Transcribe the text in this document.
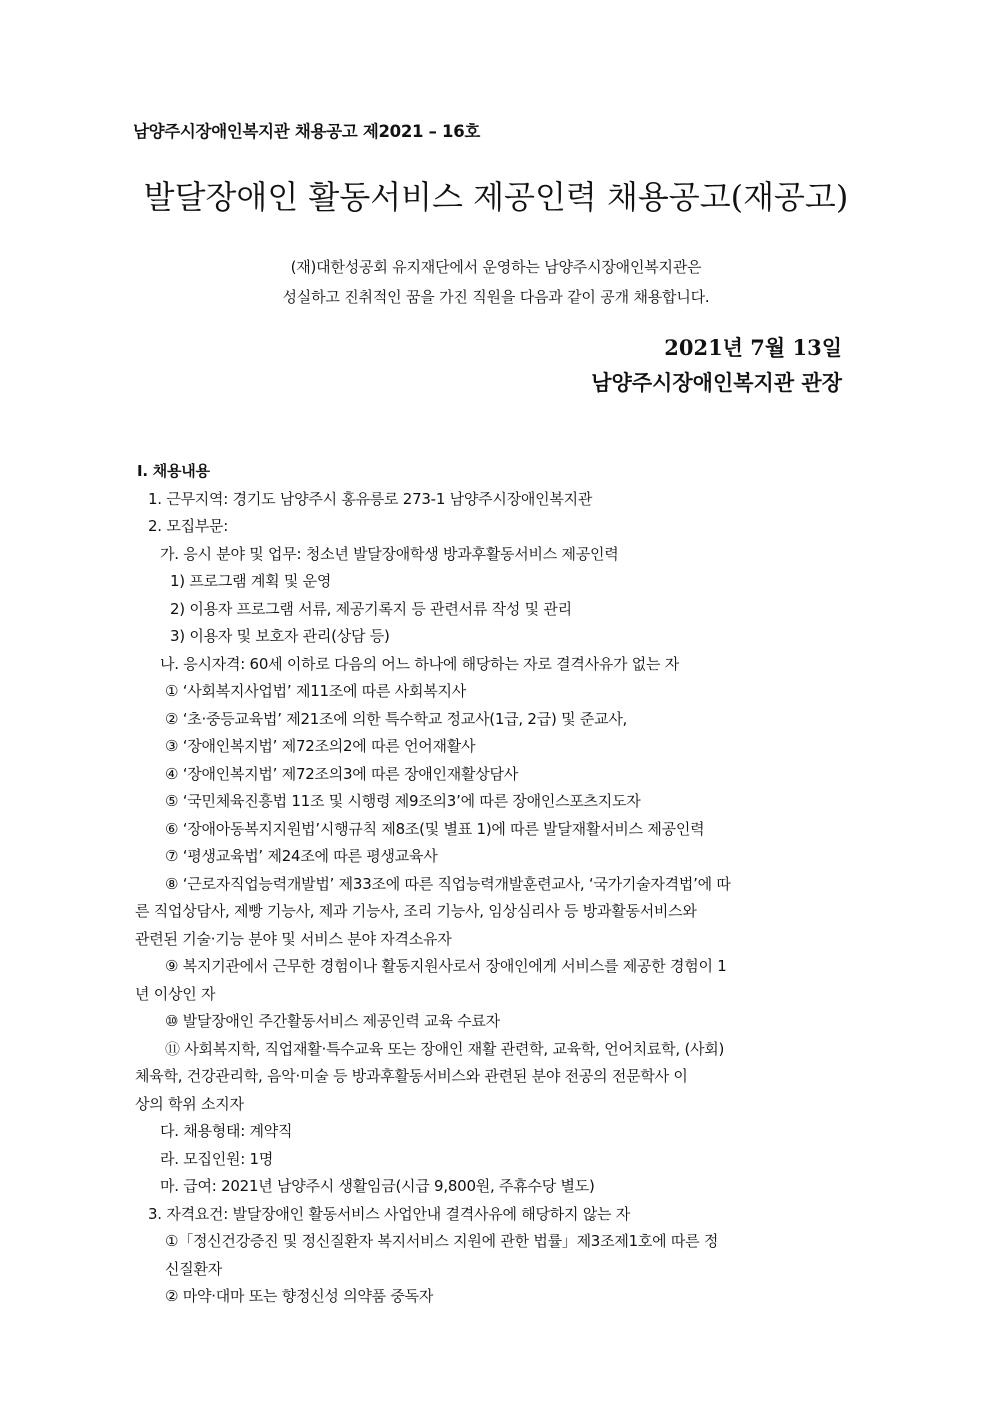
남양주시장애인복지관 채용공고 제2021 – 16호
발달장애인 활동서비스 제공인력 채용공고(재공고)
(재)대한성공회 유지재단에서 운영하는 남양주시장애인복지관은
성실하고 진취적인 꿈을 가진 직원을 다음과 같이 공개 채용합니다.
2021년 7월 13일
남양주시장애인복지관 관장
Ⅰ. 채용내용
1. 근무지역: 경기도 남양주시 홍유릉로 273-1 남양주시장애인복지관
2. 모집부문:
가. 응시 분야 및 업무: 청소년 발달장애학생 방과후활동서비스 제공인력
1) 프로그램 계획 및 운영
2) 이용자 프로그램 서류, 제공기록지 등 관련서류 작성 및 관리
3) 이용자 및 보호자 관리(상담 등)
나. 응시자격: 60세 이하로 다음의 어느 하나에 해당하는 자로 결격사유가 없는 자
① ‘사회복지사업법’ 제11조에 따른 사회복지사
② ‘초·중등교육법’ 제21조에 의한 특수학교 정교사(1급, 2급) 및 준교사,
③ ‘장애인복지법’ 제72조의2에 따른 언어재활사
④ ‘장애인복지법’ 제72조의3에 따른 장애인재활상담사
⑤ ‘국민체육진흥법 11조 및 시행령 제9조의3’에 따른 장애인스포츠지도자
⑥ ‘장애아동복지지원법’시행규칙 제8조(및 별표 1)에 따른 발달재활서비스 제공인력
⑦ ‘평생교육법’ 제24조에 따른 평생교육사
⑧ ‘근로자직업능력개발법’ 제33조에 따른 직업능력개발훈련교사, ‘국가기술자격법’에 따
른 직업상담사, 제빵 기능사, 제과 기능사, 조리 기능사, 임상심리사 등 방과활동서비스와
관련된 기술·기능 분야 및 서비스 분야 자격소유자
⑨ 복지기관에서 근무한 경험이나 활동지원사로서 장애인에게 서비스를 제공한 경험이 1
년 이상인 자
⑩ 발달장애인 주간활동서비스 제공인력 교육 수료자
⑪ 사회복지학, 직업재활·특수교육 또는 장애인 재활 관련학, 교육학, 언어치료학, (사회)
체육학, 건강관리학, 음악·미술 등 방과후활동서비스와 관련된 분야 전공의 전문학사 이
상의 학위 소지자
다. 채용형태: 계약직
라. 모집인원: 1명
마. 급여: 2021년 남양주시 생활임금(시급 9,800원, 주휴수당 별도)
3. 자격요건: 발달장애인 활동서비스 사업안내 결격사유에 해당하지 않는 자
①「정신건강증진 및 정신질환자 복지서비스 지원에 관한 법률」제3조제1호에 따른 정
신질환자
② 마약·대마 또는 향정신성 의약품 중독자
